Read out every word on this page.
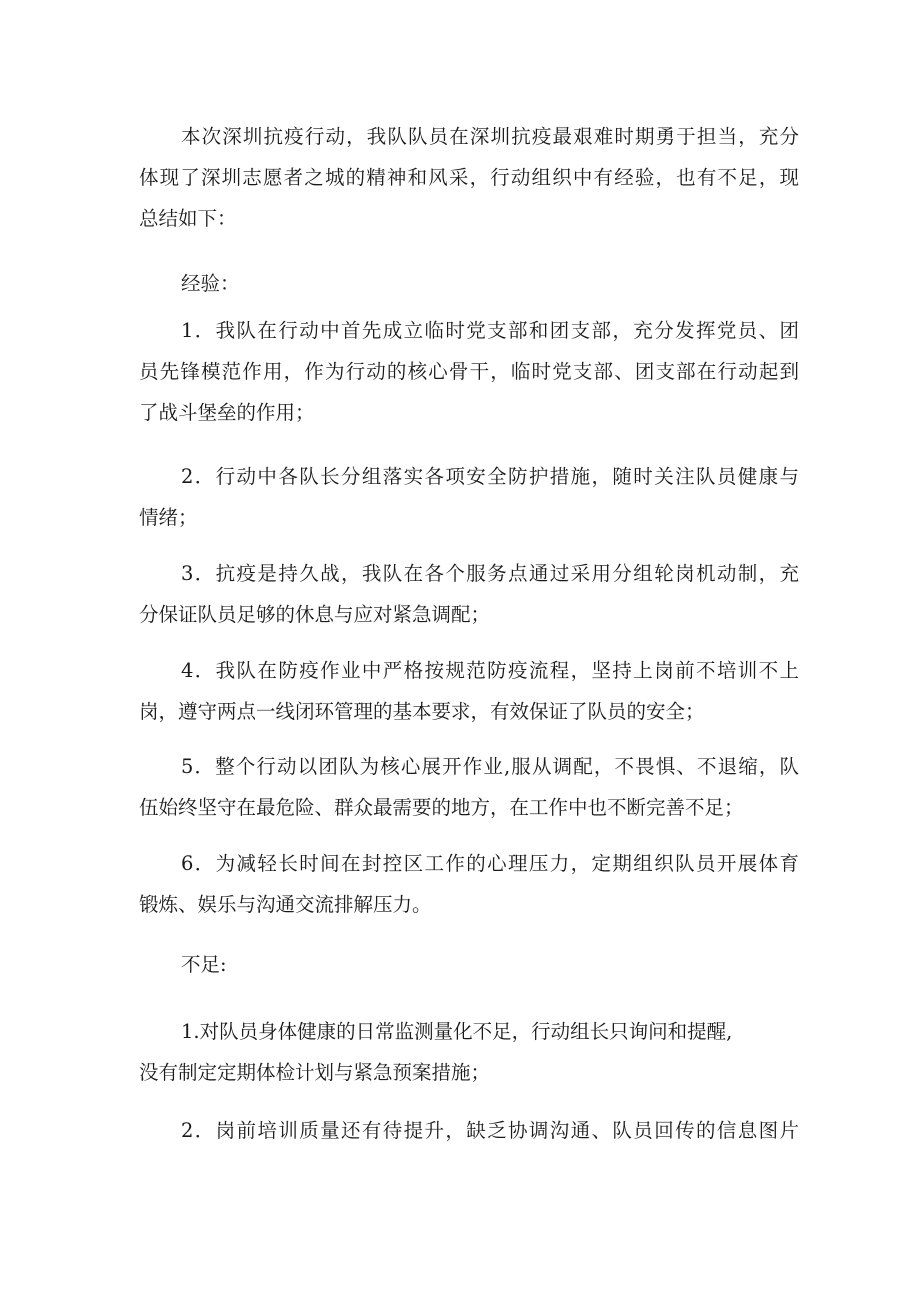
本次深圳抗疫行动，我队队员在深圳抗疫最艰难时期勇于担当，充分
体现了深圳志愿者之城的精神和风采，行动组织中有经验，也有不足，现
总结如下：
经验：
1．我队在行动中首先成立临时党支部和团支部，充分发挥党员、团
员先锋模范作用，作为行动的核心骨干，临时党支部、团支部在行动起到
了战斗堡垒的作用；
2．行动中各队长分组落实各项安全防护措施，随时关注队员健康与
情绪；
3．抗疫是持久战，我队在各个服务点通过采用分组轮岗机动制，充
分保证队员足够的休息与应对紧急调配；
4．我队在防疫作业中严格按规范防疫流程，坚持上岗前不培训不上
岗，遵守两点一线闭环管理的基本要求，有效保证了队员的安全；
5．整个行动以团队为核心展开作业,服从调配，不畏惧、不退缩，队
伍始终坚守在最危险、群众最需要的地方，在工作中也不断完善不足；
6．为减轻长时间在封控区工作的心理压力，定期组织队员开展体育
锻炼、娱乐与沟通交流排解压力。
不足:
1.对队员身体健康的日常监测量化不足，行动组长只询问和提醒,
没有制定定期体检计划与紧急预案措施；
2．岗前培训质量还有待提升，缺乏协调沟通、队员回传的信息图片
